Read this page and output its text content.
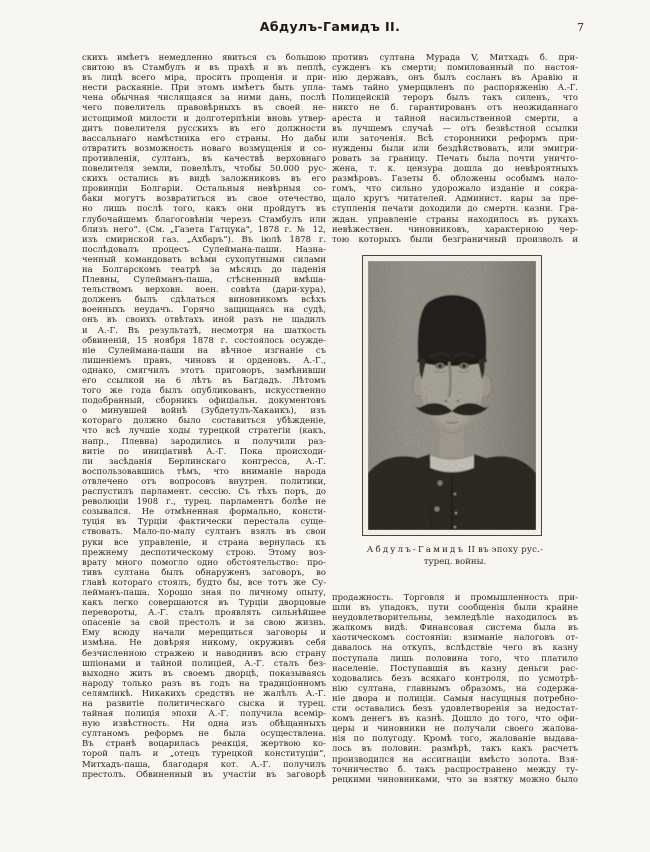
Абдулъ-Гамидъ II.	7
скихъ имѣетъ немедленно явиться съ большою
свитою въ Стамбулъ и въ прахѣ и въ пеплѣ,
въ лицѣ всего міра, просить прощенія и при-
нести раскаяніе. При этомъ имѣетъ быть упла-
чена обычная числящаяся за ними дань, послѣ
чего повелитель правовѣрныхъ въ своей не-
истощимой милости и долготерпѣніи вновь утвер-
дитъ повелителя русскихъ въ его должности
вассальнаго намѣстника его страны. Но дабы
отвратить возможность новаго возмущенія и со-
противленія, султанъ, въ качествѣ верховнаго
повелителя земли, повелѣлъ, чтобы 50.000 рус-
скихъ остались въ видѣ заложниковъ въ его
провинціи Болгаріи. Остальныя невѣрныя со-
баки могутъ возвратиться въ свое отечество,
но лишь послѣ того, какъ они пройдутъ въ
глубочайшемъ благоговѣніи черезъ Стамбулъ или
близъ него“. (См. „Газета Гатцука“, 1878 г. № 12,
изъ смирнской газ. „Ахбаръ“). Въ іюлѣ 1878 г.
послѣдовалъ процесъ Сулеймана-паши. Назна-
ченный командовать всѣми сухопутными силами
на Болгарскомъ театрѣ за мѣсяцъ до паденія
Плевны, Сулейманъ-паша, стѣсненный вмѣша-
тельствомъ верховн. воен. совѣта (дари-хура),
долженъ былъ сдѣлаться виновникомъ всѣхъ
военныхъ неудачъ. Горячо защищаясь на судѣ,
онъ въ своихъ отвѣтахъ иной разъ не щадилъ
и А.-Г. Въ результатѣ, несмотря на шаткость
обвиненій, 15 ноября 1878 г. состоялось осужде-
ніе Сулеймана-паши на вѣчное изгнаніе съ
лишеніемъ правъ, чиновъ и орденовъ. А.-Г.,
однако, смягчилъ этотъ приговоръ, замѣнивши
его ссылкой на 6 лѣтъ въ Багдадъ. Лѣтомъ
того же года былъ опубликованъ, искусственно
подобранный, сборникъ офиціальн. документовъ
о минувшей войнѣ (Зубдетулъ-Хакаикъ), изъ
котораго должно было составиться убѣжденіе,
что всѣ лучшіе ходы турецкой стратегіи (какъ,
напр., Плевна) зародились и получили раз-
витіе по иниціативѣ А.-Г. Пока происходи-
ли засѣданія Берлинскаго конгресса, А.-Г.
воспользовавшись тѣмъ, что вниманіе народа
отвлечено отъ вопросовъ внутрен. политики,
распустилъ парламент. сессію. Съ тѣхъ поръ, до
революціи 1908 г., турец. парламентъ болѣе не
созывался. Не отмѣненная формально, консти-
туція въ Турціи фактически перестала суще-
ствовать. Мало-по-малу султанъ взялъ въ свои
руки все управленіе, и страна вернулась къ
прежнему деспотическому строю. Этому воз-
врату много помогло одно обстоятельство: про-
тивъ султана былъ обнаруженъ заговоръ, во
главѣ котораго стоялъ, будто бы, все тотъ же Су-
лейманъ-паша. Хорошо зная по личному опыту,
какъ легко совершаются въ Турціи дворцовые
перевороты, А.-Г. сталъ проявлять сильнѣйшее
опасеніе за свой престолъ и за свою жизнь.
Ему всюду начали мерещиться заговоры и
измѣна. Не довѣряя никому, окруживъ себя
безчисленною стражею и наводнивъ всю страну
шпіонами и тайной полиціей, А.-Г. сталъ без-
выходно жить въ своемъ дворцѣ, показываясь
народу только разъ въ годъ на традиціонномъ
селямликѣ. Никакихъ средствъ не жалѣлъ А.-Г.
на развитіе политическаго сыска и турец.
тайная полиція эпохи А.-Г. получила всемір-
ную извѣстность. Ни одна изъ обѣщанныхъ
султаномъ реформъ не была осуществлена.
Въ странѣ воцарилась реакція, жертвою ко-
торой палъ и „отецъ турецкой конституціи“,
Митхадъ-паша, благодаря кот. А.-Г. получилъ
престолъ. Обвиненный въ участіи въ заговорѣ
противъ султана Мурада V, Митхадъ б. при-
сужденъ къ смерти; помилованный по настоя-
нію державъ, онъ былъ сосланъ въ Аравію и
тамъ тайно умерщвленъ по распоряженію А.-Г.
Полицейскій тероръ былъ такъ силенъ, что
никто не б. гарантированъ отъ неожиданнаго
ареста и тайной насильственной смерти, а
въ лучшемъ случаѣ — отъ безвѣстной ссылки
или заточенія. Всѣ сторонники реформъ при-
нуждены были или бездѣйствовать, или эмигри-
ровать за границу. Печать была почти уничто-
жена, т. к. цензура дошла до невѣроятныхъ
размѣровъ. Газеты б. обложены особымъ нало-
гомъ, что сильно удорожало изданіе и сокра-
щало кругъ читателей. Админист. кары за пре-
ступленія печати доходили до смертн. казни. Гра-
ждан. управленіе страны находилось въ рукахъ
невѣжествен. чиновниковъ, характерною чер-
тою которыхъ были безграничный произволъ и
Абдулъ-Гамидъ II въ эпоху рус.-
турец. войны.
продажность. Торговля и промышленность при-
шли въ упадокъ, пути сообщенія были крайне
неудовлетворительны, земледѣліе находилось въ
жалкомъ видѣ. Финансовая система была въ
хаотическомъ состояніи: взиманіе налоговъ от-
давалось на откупъ, вслѣдствіе чего въ казну
поступала лишь половина того, что платило
населеніе. Поступавшія въ казну деньги рас-
ходовались безъ всякаго контроля, по усмотрѣ-
нію султана, главнымъ образомъ, на содержа-
ніе двора и полиціи. Самыя насущныя потребно-
сти оставались безъ удовлетворенія за недостат-
комъ денегъ въ казнѣ. Дошло до того, что офи-
церы и чиновники не получали своего жалова-
нія по полугоду. Кромѣ того, жалованіе выдава-
лось въ половин. размѣрѣ, такъ какъ расчетъ
производился на ассигнаціи вмѣсто золота. Взя-
точничество б. такъ распространено между ту-
рецкими чиновниками, что за взятку можно было
